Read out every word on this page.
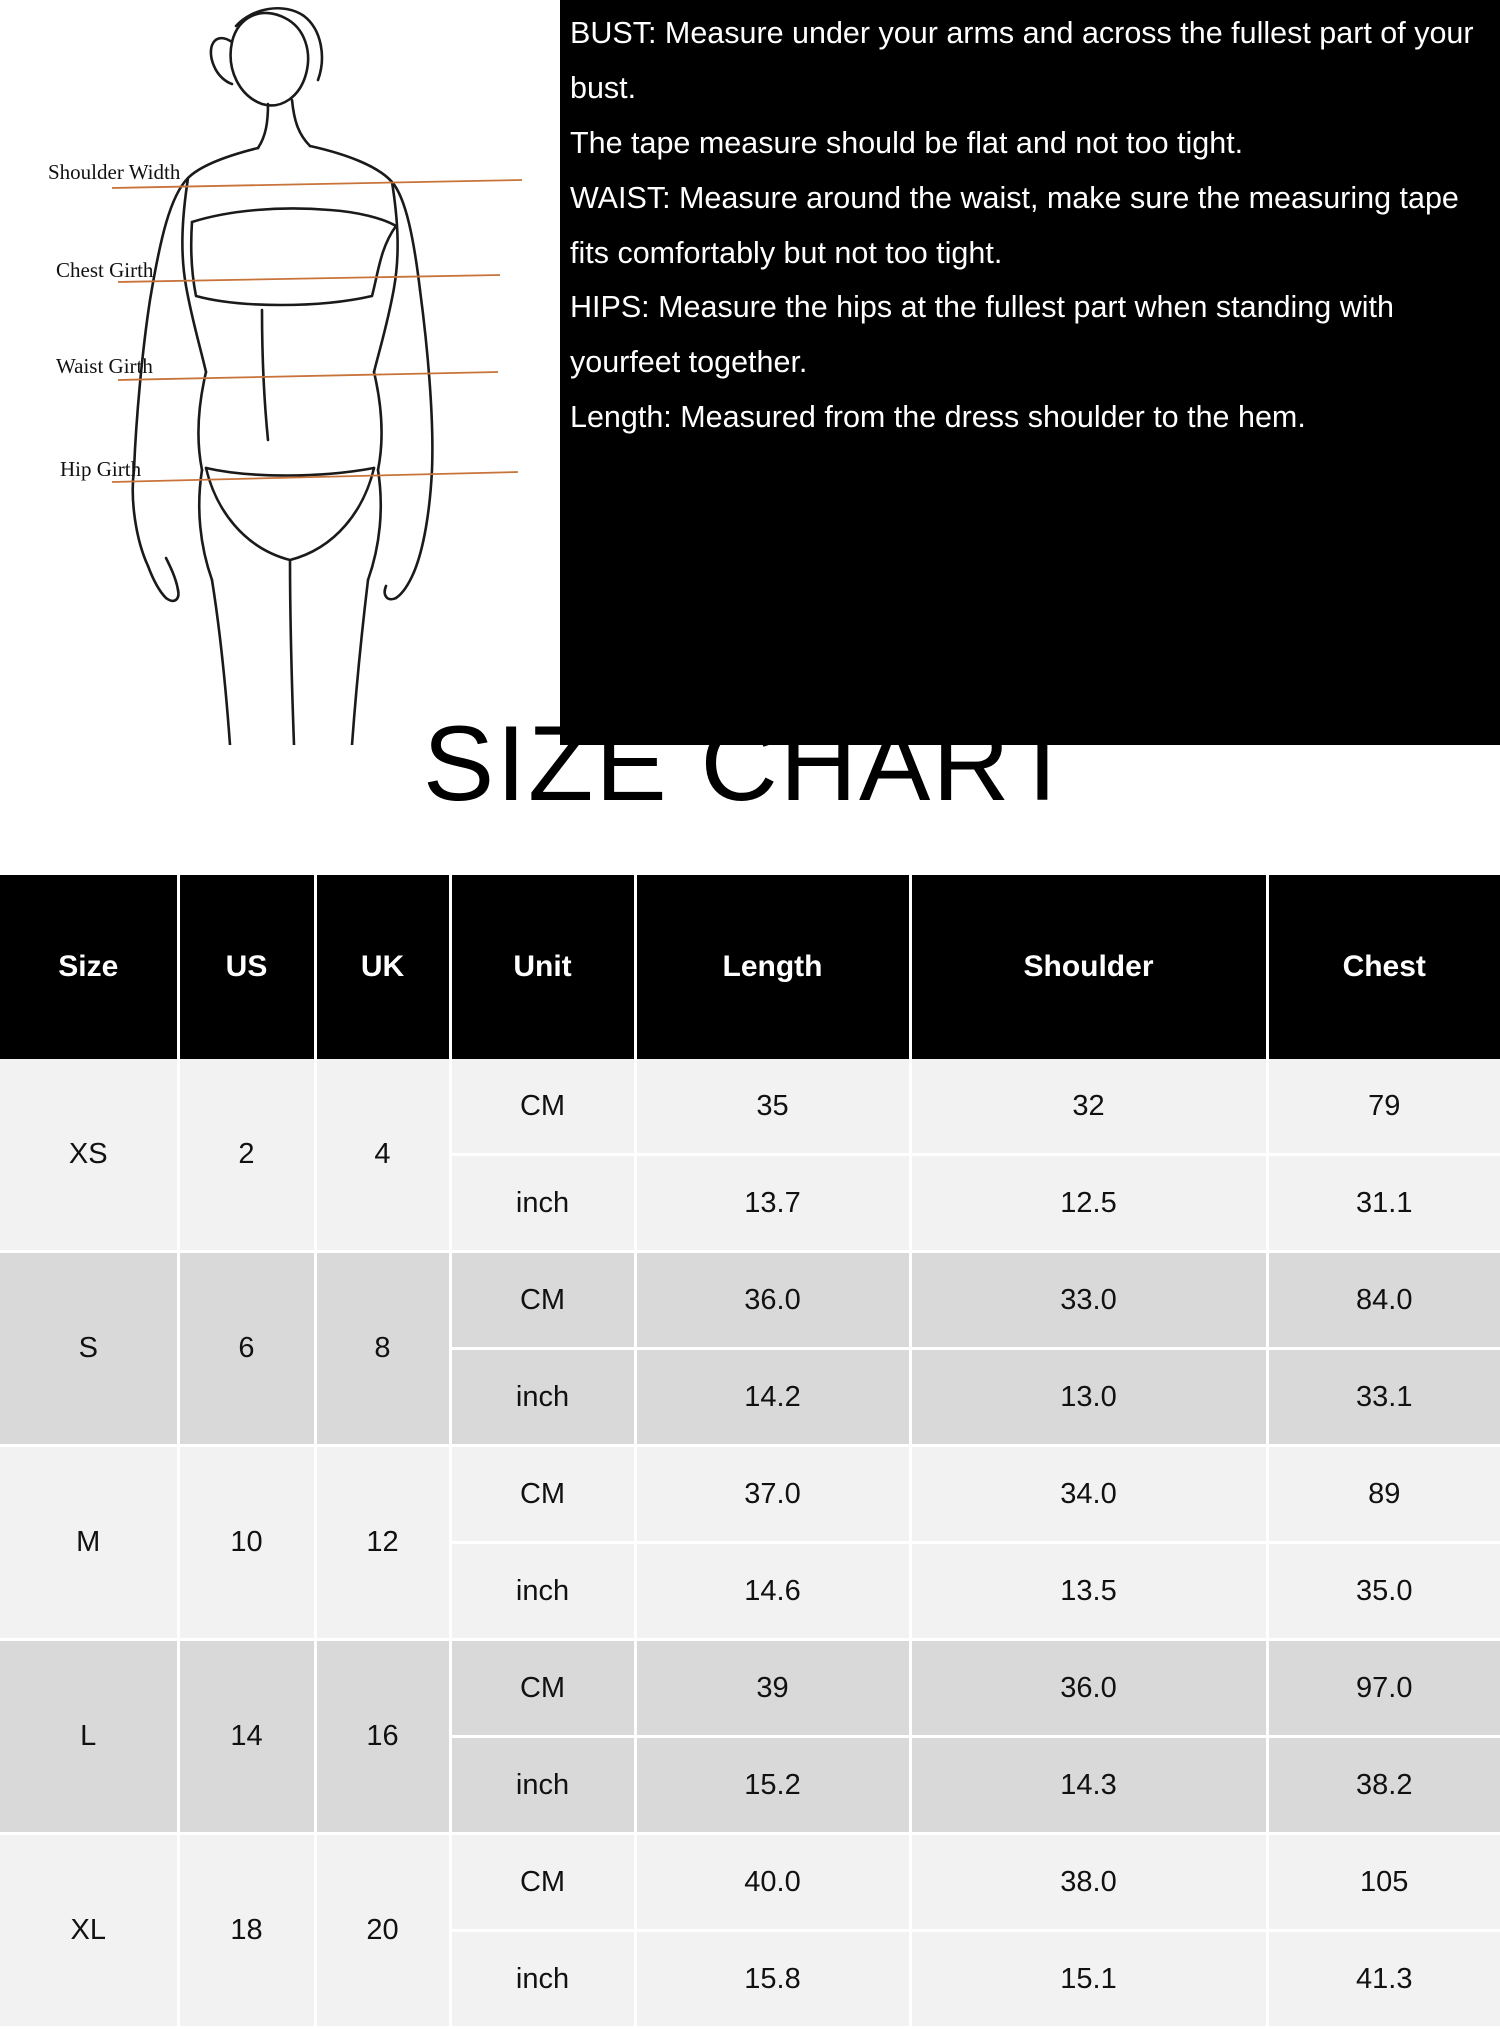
Shoulder Width
Chest Girth
Waist Girth
Hip Girth

BUST: Measure under your arms and across the fullest part of your bust.

The tape measure should be flat and not too tight.

WAIST: Measure around the waist, make sure the measuring tape fits comfortably but not too tight.

HIPS: Measure the hips at the fullest part when standing with yourfeet together.

Length: Measured from the dress shoulder to the hem.

SIZE CHART
Size	US	UK	Unit	Length	Shoulder	Chest
XS	2	4	CM	35	32	79
			inch	13.7	12.5	31.1
S	6	8	CM	36.0	33.0	84.0
			inch	14.2	13.0	33.1
M	10	12	CM	37.0	34.0	89
			inch	14.6	13.5	35.0
L	14	16	CM	39	36.0	97.0
			inch	15.2	14.3	38.2
XL	18	20	CM	40.0	38.0	105
			inch	15.8	15.1	41.3
